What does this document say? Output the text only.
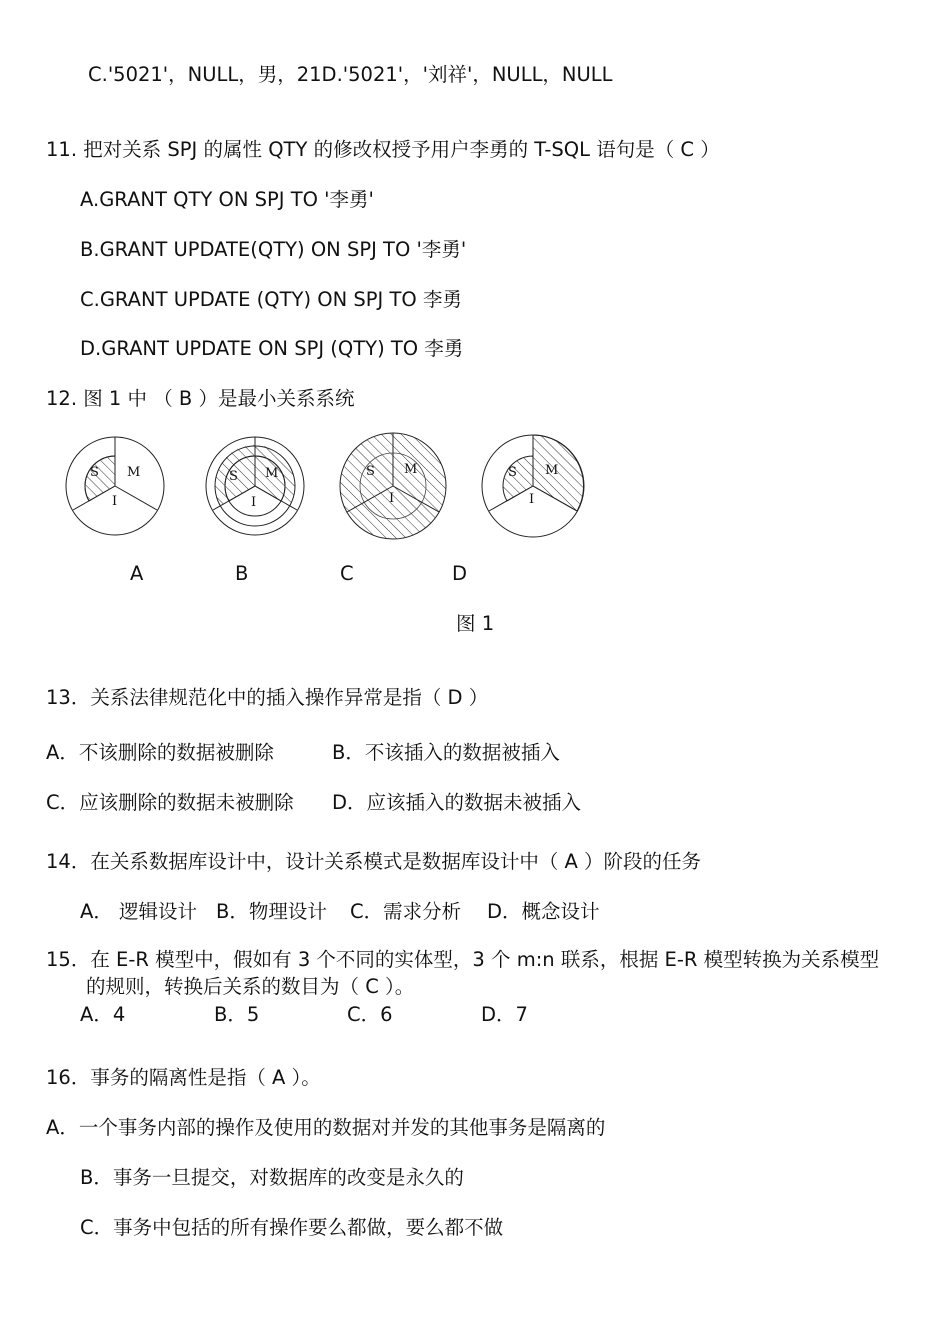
C.'5021'，NULL，男，21D.'5021'，'刘祥'，NULL，NULL
11. 把对关系 SPJ 的属性 QTY 的修改权授予用户李勇的 T-SQL 语句是（ C ）
A.GRANT QTY ON SPJ TO '李勇'
B.GRANT UPDATE(QTY) ON SPJ TO '李勇'
C.GRANT UPDATE (QTY) ON SPJ TO 李勇
D.GRANT UPDATE ON SPJ (QTY) TO 李勇
12. 图 1 中 （ B ）是最小关系系统
S M
I
S M
I
S M
I
S M
I
A	B	C	D
图 1
13．关系法律规范化中的插入操作异常是指（ D ）
A．不该删除的数据被删除	B．不该插入的数据被插入
C．应该删除的数据未被删除 D．应该插入的数据未被插入
14．在关系数据库设计中，设计关系模式是数据库设计中（ A ）阶段的任务
A． 逻辑设计 B．物理设计 C．需求分析 D．概念设计
15．在 E-R 模型中，假如有 3 个不同的实体型，3 个 m:n 联系，根据 E-R 模型转换为关系模型
的规则，转换后关系的数目为（ C ）。
A．4	B．5	C．6	D．7
16．事务的隔离性是指（ A ）。
A．一个事务内部的操作及使用的数据对并发的其他事务是隔离的
B．事务一旦提交，对数据库的改变是永久的
C．事务中包括的所有操作要么都做，要么都不做
